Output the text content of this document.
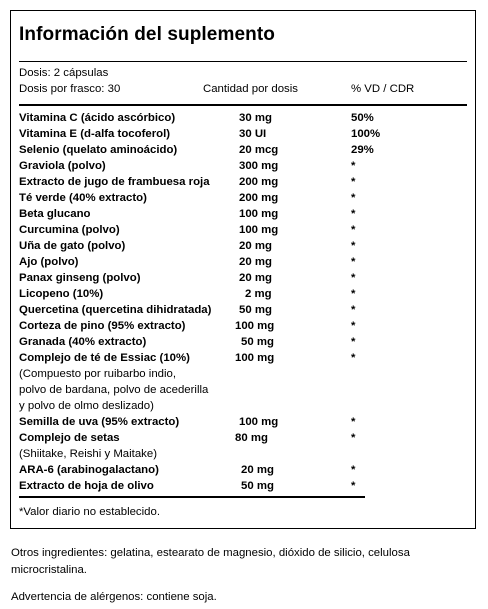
Información del suplemento
Dosis: 2 cápsulas
Dosis por frasco: 30	Cantidad por dosis	% VD / CDR
Vitamina C (ácido ascórbico)	30 mg	50%
Vitamina E (d-alfa tocoferol)	30 UI	100%
Selenio (quelato aminoácido)	20 mcg	29%
Graviola (polvo)	300 mg	*
Extracto de jugo de frambuesa roja	200 mg	*
Té verde (40% extracto)	200 mg	*
Beta glucano	100 mg	*
Curcumina (polvo)	100 mg	*
Uña de gato (polvo)	20 mg	*
Ajo (polvo)	20 mg	*
Panax ginseng (polvo)	20 mg	*
Licopeno (10%)	2 mg	*
Quercetina (quercetina dihidratada) 50 mg	*
Corteza de pino (95% extracto)	100 mg	*
Granada (40% extracto)	50 mg	*
Complejo de té de Essiac (10%)	100 mg	*
(Compuesto por ruibarbo indio,
polvo de bardana, polvo de acederilla
y polvo de olmo deslizado)
Semilla de uva (95% extracto)	100 mg	*
Complejo de setas	80 mg	*
(Shiitake, Reishi y Maitake)
ARA-6 (arabinogalactano)	20 mg	*
Extracto de hoja de olivo	50 mg	*
*Valor diario no establecido.
Otros ingredientes: gelatina, estearato de magnesio, dióxido de silicio, celulosa microcristalina.
Advertencia de alérgenos: contiene soja.
